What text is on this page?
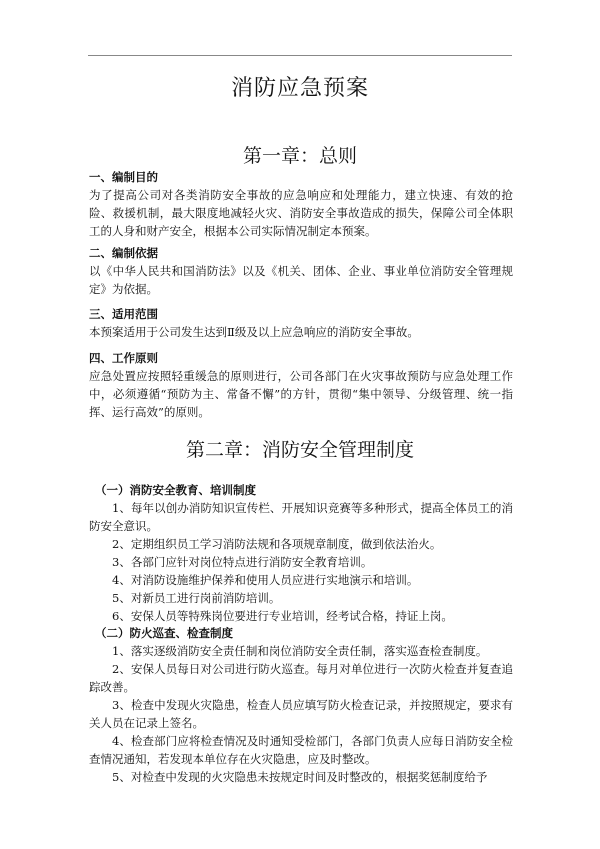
消防应急预案
第一章：总则
一、编制目的
为了提高公司对各类消防安全事故的应急响应和处理能力，建立快速、有效的抢险、救援机制，最大限度地减轻火灾、消防安全事故造成的损失，保障公司全体职工的人身和财产安全，根据本公司实际情况制定本预案。
二、编制依据
以《中华人民共和国消防法》以及《机关、团体、企业、事业单位消防安全管理规定》为依据。
三、适用范围
本预案适用于公司发生达到Ⅱ级及以上应急响应的消防安全事故。
四、工作原则
应急处置应按照轻重缓急的原则进行，公司各部门在火灾事故预防与应急处理工作中，必须遵循“预防为主、常备不懈”的方针，贯彻“集中领导、分级管理、统一指挥、运行高效”的原则。
第二章：消防安全管理制度
（一）消防安全教育、培训制度
1、每年以创办消防知识宣传栏、开展知识竞赛等多种形式，提高全体员工的消防安全意识。
2、定期组织员工学习消防法规和各项规章制度，做到依法治火。
3、各部门应针对岗位特点进行消防安全教育培训。
4、对消防设施维护保养和使用人员应进行实地演示和培训。
5、对新员工进行岗前消防培训。
6、安保人员等特殊岗位要进行专业培训，经考试合格，持证上岗。
（二）防火巡查、检查制度
1、落实逐级消防安全责任制和岗位消防安全责任制，落实巡查检查制度。
2、安保人员每日对公司进行防火巡查。每月对单位进行一次防火检查并复查追踪改善。
3、检查中发现火灾隐患，检查人员应填写防火检查记录，并按照规定，要求有关人员在记录上签名。
4、检查部门应将检查情况及时通知受检部门，各部门负责人应每日消防安全检查情况通知，若发现本单位存在火灾隐患，应及时整改。
5、对检查中发现的火灾隐患未按规定时间及时整改的，根据奖惩制度给予
